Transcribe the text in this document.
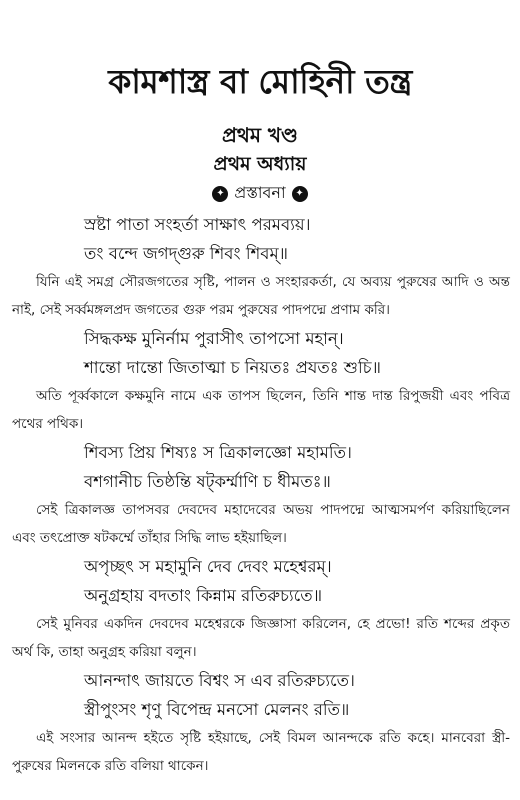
কামশাস্ত্র বা মোহিনী তন্ত্র
প্রথম খণ্ড
প্রথম অধ্যায়
✦ প্রস্তাবনা ✦
স্রষ্টা পাতা সংহর্তা সাক্ষাৎ পরমব্যয়।
তং বন্দে জগদ্গুরু শিবং শিবম্॥
যিনি এই সমগ্র সৌরজগতের সৃষ্টি, পালন ও সংহারকর্তা, যে অব্যয় পুরুষের আদি ও অন্ত নাই, সেই সর্ব্বমঙ্গলপ্রদ জগতের গুরু পরম পুরুষের পাদপদ্মে প্রণাম করি।
সিদ্ধকক্ষ মুনির্নাম পুরাসীৎ তাপসো মহান্।
শান্তো দান্তো জিতাত্মা চ নিয়তঃ প্রযতঃ শুচি॥
অতি পূর্ব্বকালে কক্ষমুনি নামে এক তাপস ছিলেন, তিনি শান্ত দান্ত রিপুজয়ী এবং পবিত্র পথের পথিক।
শিবস্য প্রিয় শিষ্যঃ স ত্রিকালজ্ঞো মহামতি।
বশগানীচ তিষ্ঠন্তি ষট্কর্ম্মাণি চ ধীমতঃ॥
সেই ত্রিকালজ্ঞ তাপসবর দেবদেব মহাদেবের অভয় পাদপদ্মে আত্মসমর্পণ করিয়াছিলেন এবং তৎপ্রোক্ত ষটকর্ম্মে তাঁহার সিদ্ধি লাভ হইয়াছিল।
অপৃচ্ছৎ স মহামুনি দেব দেবং মহেশ্বরম্।
অনুগ্রহায় বদতাং কিন্নাম রতিরুচ্যতে॥
সেই মুনিবর একদিন দেবদেব মহেশ্বরকে জিজ্ঞাসা করিলেন, হে প্রভো! রতি শব্দের প্রকৃত অর্থ কি, তাহা অনুগ্রহ করিয়া বলুন।
আনন্দাৎ জায়তে বিশ্বং স এব রতিরুচ্যতে।
স্ত্রীপুংসং শৃণু বিপেন্দ্র মনসো মেলনং রতি॥
এই সংসার আনন্দ হইতে সৃষ্টি হইয়াছে, সেই বিমল আনন্দকে রতি কহে। মানবেরা স্ত্রী-পুরুষের মিলনকে রতি বলিয়া থাকেন।
